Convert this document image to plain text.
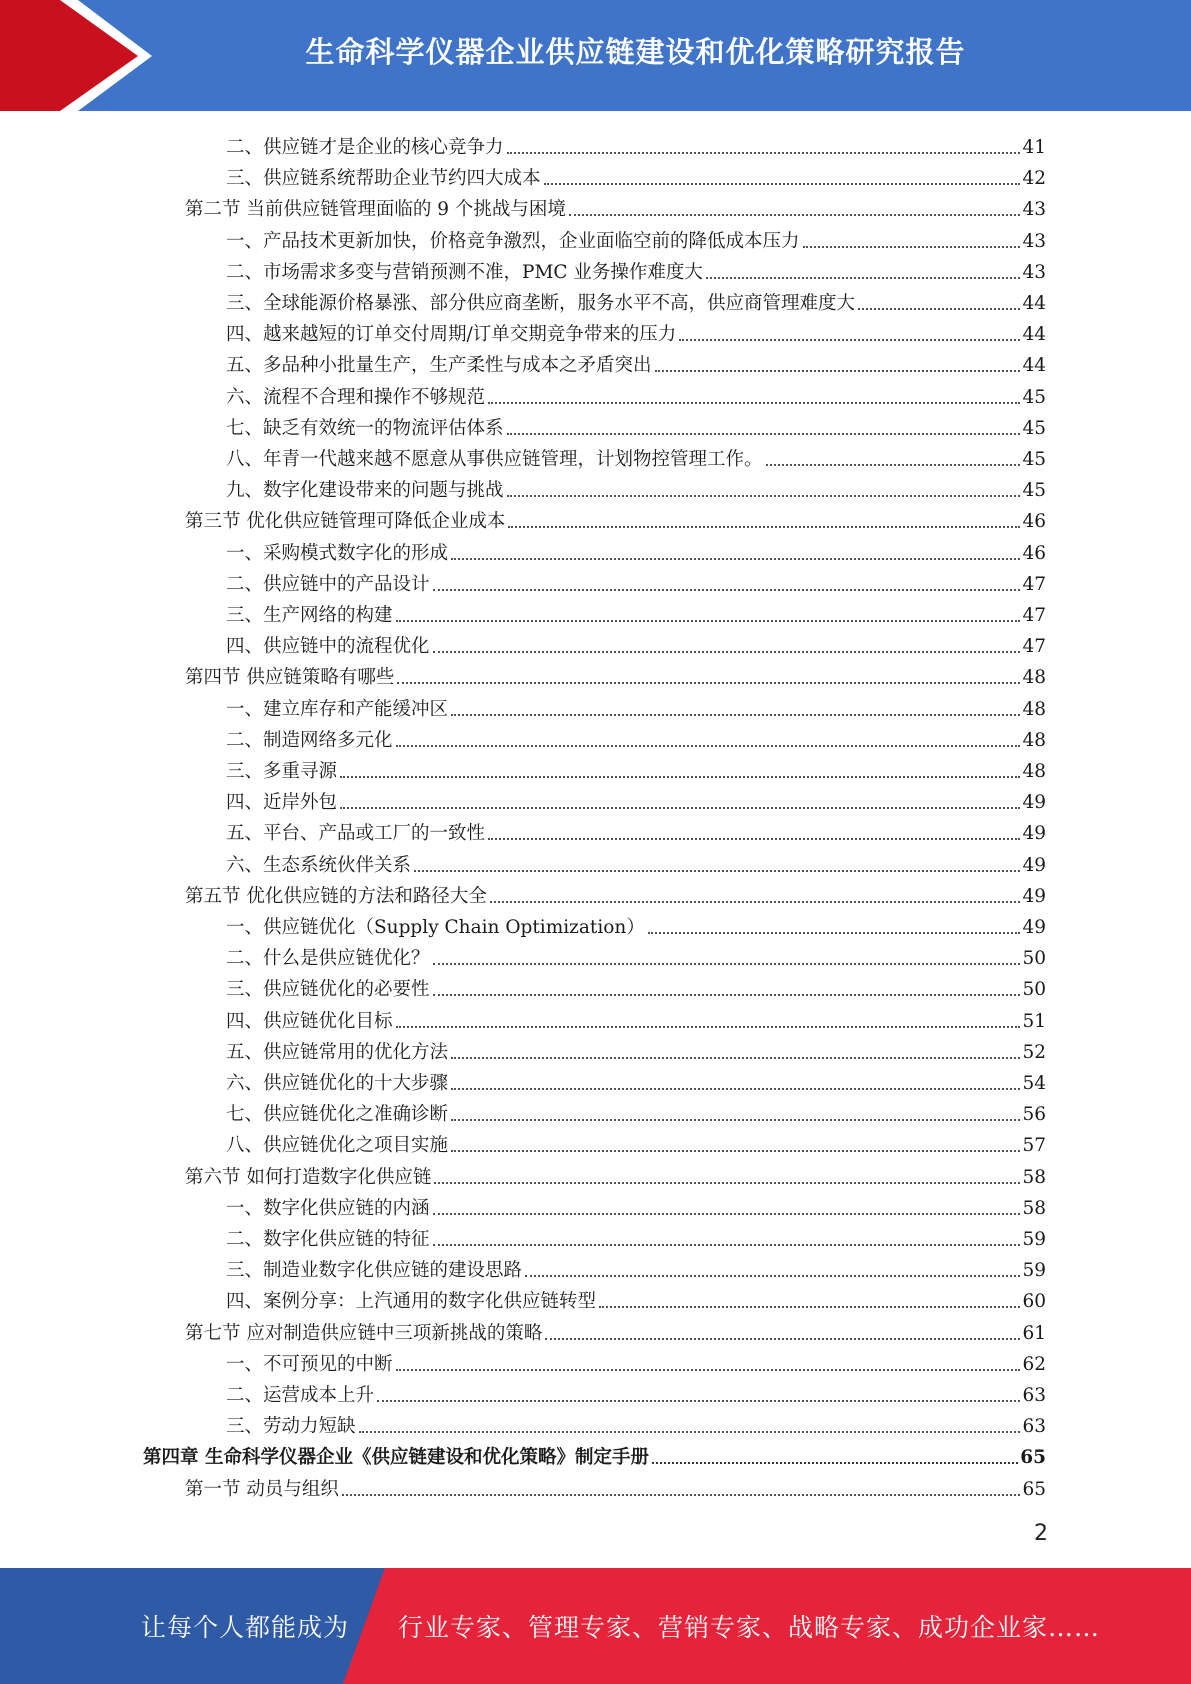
生命科学仪器企业供应链建设和优化策略研究报告
二、供应链才是企业的核心竞争力	41
三、供应链系统帮助企业节约四大成本	42
第二节 当前供应链管理面临的 9 个挑战与困境	43
一、产品技术更新加快，价格竞争激烈，企业面临空前的降低成本压力	43
二、市场需求多变与营销预测不准，PMC 业务操作难度大	43
三、全球能源价格暴涨、部分供应商垄断，服务水平不高，供应商管理难度大	44
四、越来越短的订单交付周期/订单交期竞争带来的压力	44
五、多品种小批量生产，生产柔性与成本之矛盾突出	44
六、流程不合理和操作不够规范	45
七、缺乏有效统一的物流评估体系	45
八、年青一代越来越不愿意从事供应链管理，计划物控管理工作。	45
九、数字化建设带来的问题与挑战	45
第三节 优化供应链管理可降低企业成本	46
一、采购模式数字化的形成	46
二、供应链中的产品设计	47
三、生产网络的构建	47
四、供应链中的流程优化	47
第四节 供应链策略有哪些	48
一、建立库存和产能缓冲区	48
二、制造网络多元化	48
三、多重寻源	48
四、近岸外包	49
五、平台、产品或工厂的一致性	49
六、生态系统伙伴关系	49
第五节 优化供应链的方法和路径大全	49
一、供应链优化（Supply Chain Optimization）	49
二、什么是供应链优化？	50
三、供应链优化的必要性	50
四、供应链优化目标	51
五、供应链常用的优化方法	52
六、供应链优化的十大步骤	54
七、供应链优化之准确诊断	56
八、供应链优化之项目实施	57
第六节 如何打造数字化供应链	58
一、数字化供应链的内涵	58
二、数字化供应链的特征	59
三、制造业数字化供应链的建设思路	59
四、案例分享：上汽通用的数字化供应链转型	60
第七节 应对制造供应链中三项新挑战的策略	61
一、不可预见的中断	62
二、运营成本上升	63
三、劳动力短缺	63
第四章 生命科学仪器企业《供应链建设和优化策略》制定手册	65
第一节 动员与组织	65
2
让每个人都能成为 行业专家、管理专家、营销专家、战略专家、成功企业家……
